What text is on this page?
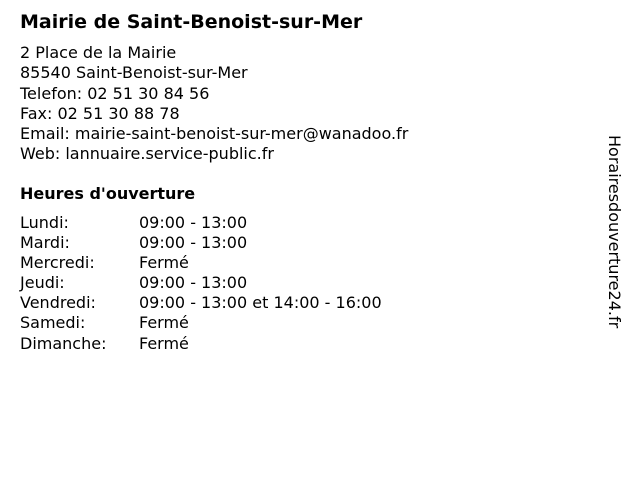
Mairie de Saint-Benoist-sur-Mer
2 Place de la Mairie
85540 Saint-Benoist-sur-Mer
Telefon: 02 51 30 84 56
Fax: 02 51 30 88 78
Email: mairie-saint-benoist-sur-mer@wanadoo.fr
Web: lannuaire.service-public.fr
Heures d'ouverture
Lundi:	09:00 - 13:00
Mardi:	09:00 - 13:00
Mercredi:	Fermé
Jeudi:	09:00 - 13:00
Vendredi:	09:00 - 13:00 et 14:00 - 16:00
Samedi:	Fermé
Dimanche: Fermé
Horairesdouverture24.fr
